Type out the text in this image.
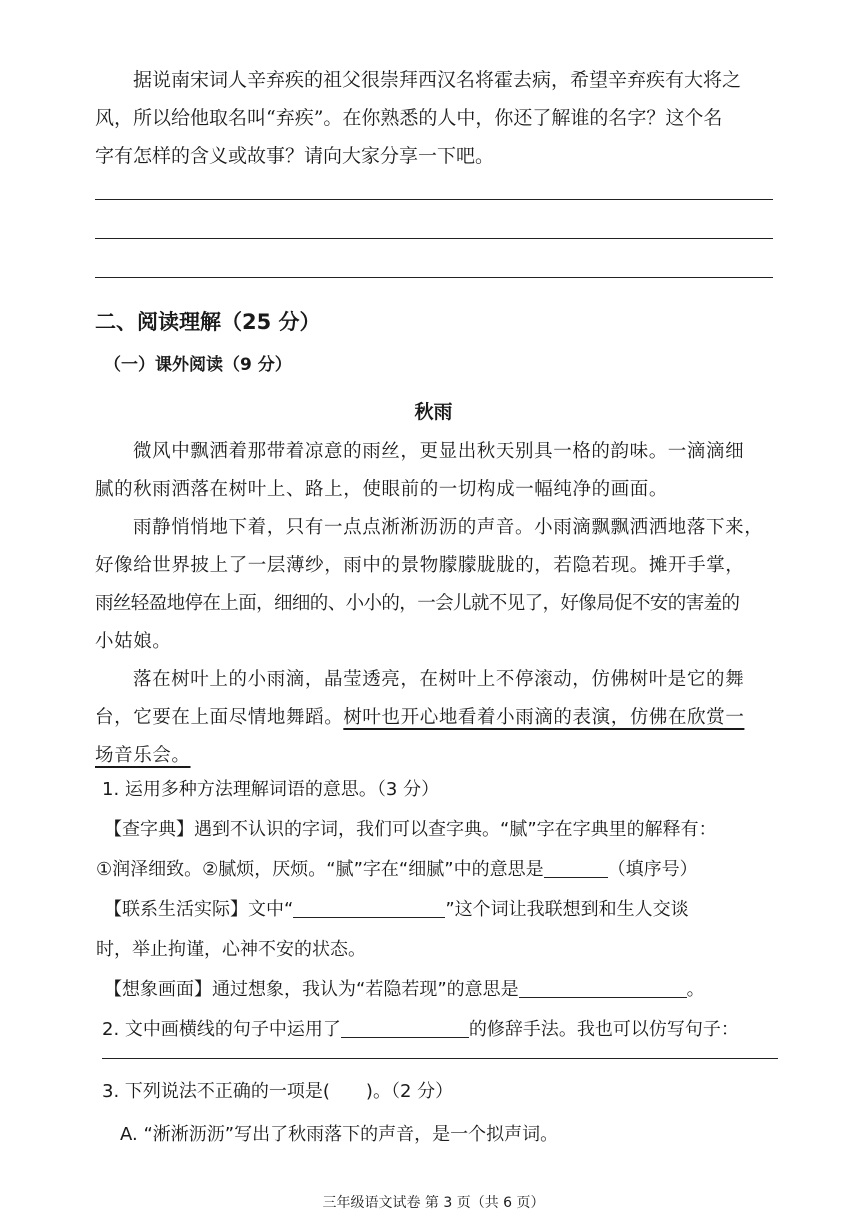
据说南宋词人辛弃疾的祖父很崇拜西汉名将霍去病，希望辛弃疾有大将之
风，所以给他取名叫“弃疾”。在你熟悉的人中，你还了解谁的名字？这个名
字有怎样的含义或故事？请向大家分享一下吧。
二、阅读理解（25 分）
（一）课外阅读（9 分）
秋雨
微风中飘洒着那带着凉意的雨丝，更显出秋天别具一格的韵味。一滴滴细
腻的秋雨洒落在树叶上、路上，使眼前的一切构成一幅纯净的画面。
雨静悄悄地下着，只有一点点淅淅沥沥的声音。小雨滴飘飘洒洒地落下来，
好像给世界披上了一层薄纱，雨中的景物朦朦胧胧的，若隐若现。摊开手掌，
雨丝轻盈地停在上面，细细的、小小的，一会儿就不见了，好像局促不安的害羞的
小姑娘。
落在树叶上的小雨滴，晶莹透亮，在树叶上不停滚动，仿佛树叶是它的舞
台，它要在上面尽情地舞蹈。树叶也开心地看着小雨滴的表演，仿佛在欣赏一
场音乐会。
1. 运用多种方法理解词语的意思。（3 分）
【查字典】遇到不认识的字词，我们可以查字典。“腻”字在字典里的解释有：
①润泽细致。②腻烦，厌烦。“腻”字在“细腻”中的意思是	（填序号）
【联系生活实际】文中“	”这个词让我联想到和生人交谈
时，举止拘谨，心神不安的状态。
【想象画面】通过想象，我认为“若隐若现”的意思是	。
2. 文中画横线的句子中运用了	的修辞手法。我也可以仿写句子：
3. 下列说法不正确的一项是(　　)。（2 分）
A. “淅淅沥沥”写出了秋雨落下的声音，是一个拟声词。
三年级语文试卷 第 3 页（共 6 页）
